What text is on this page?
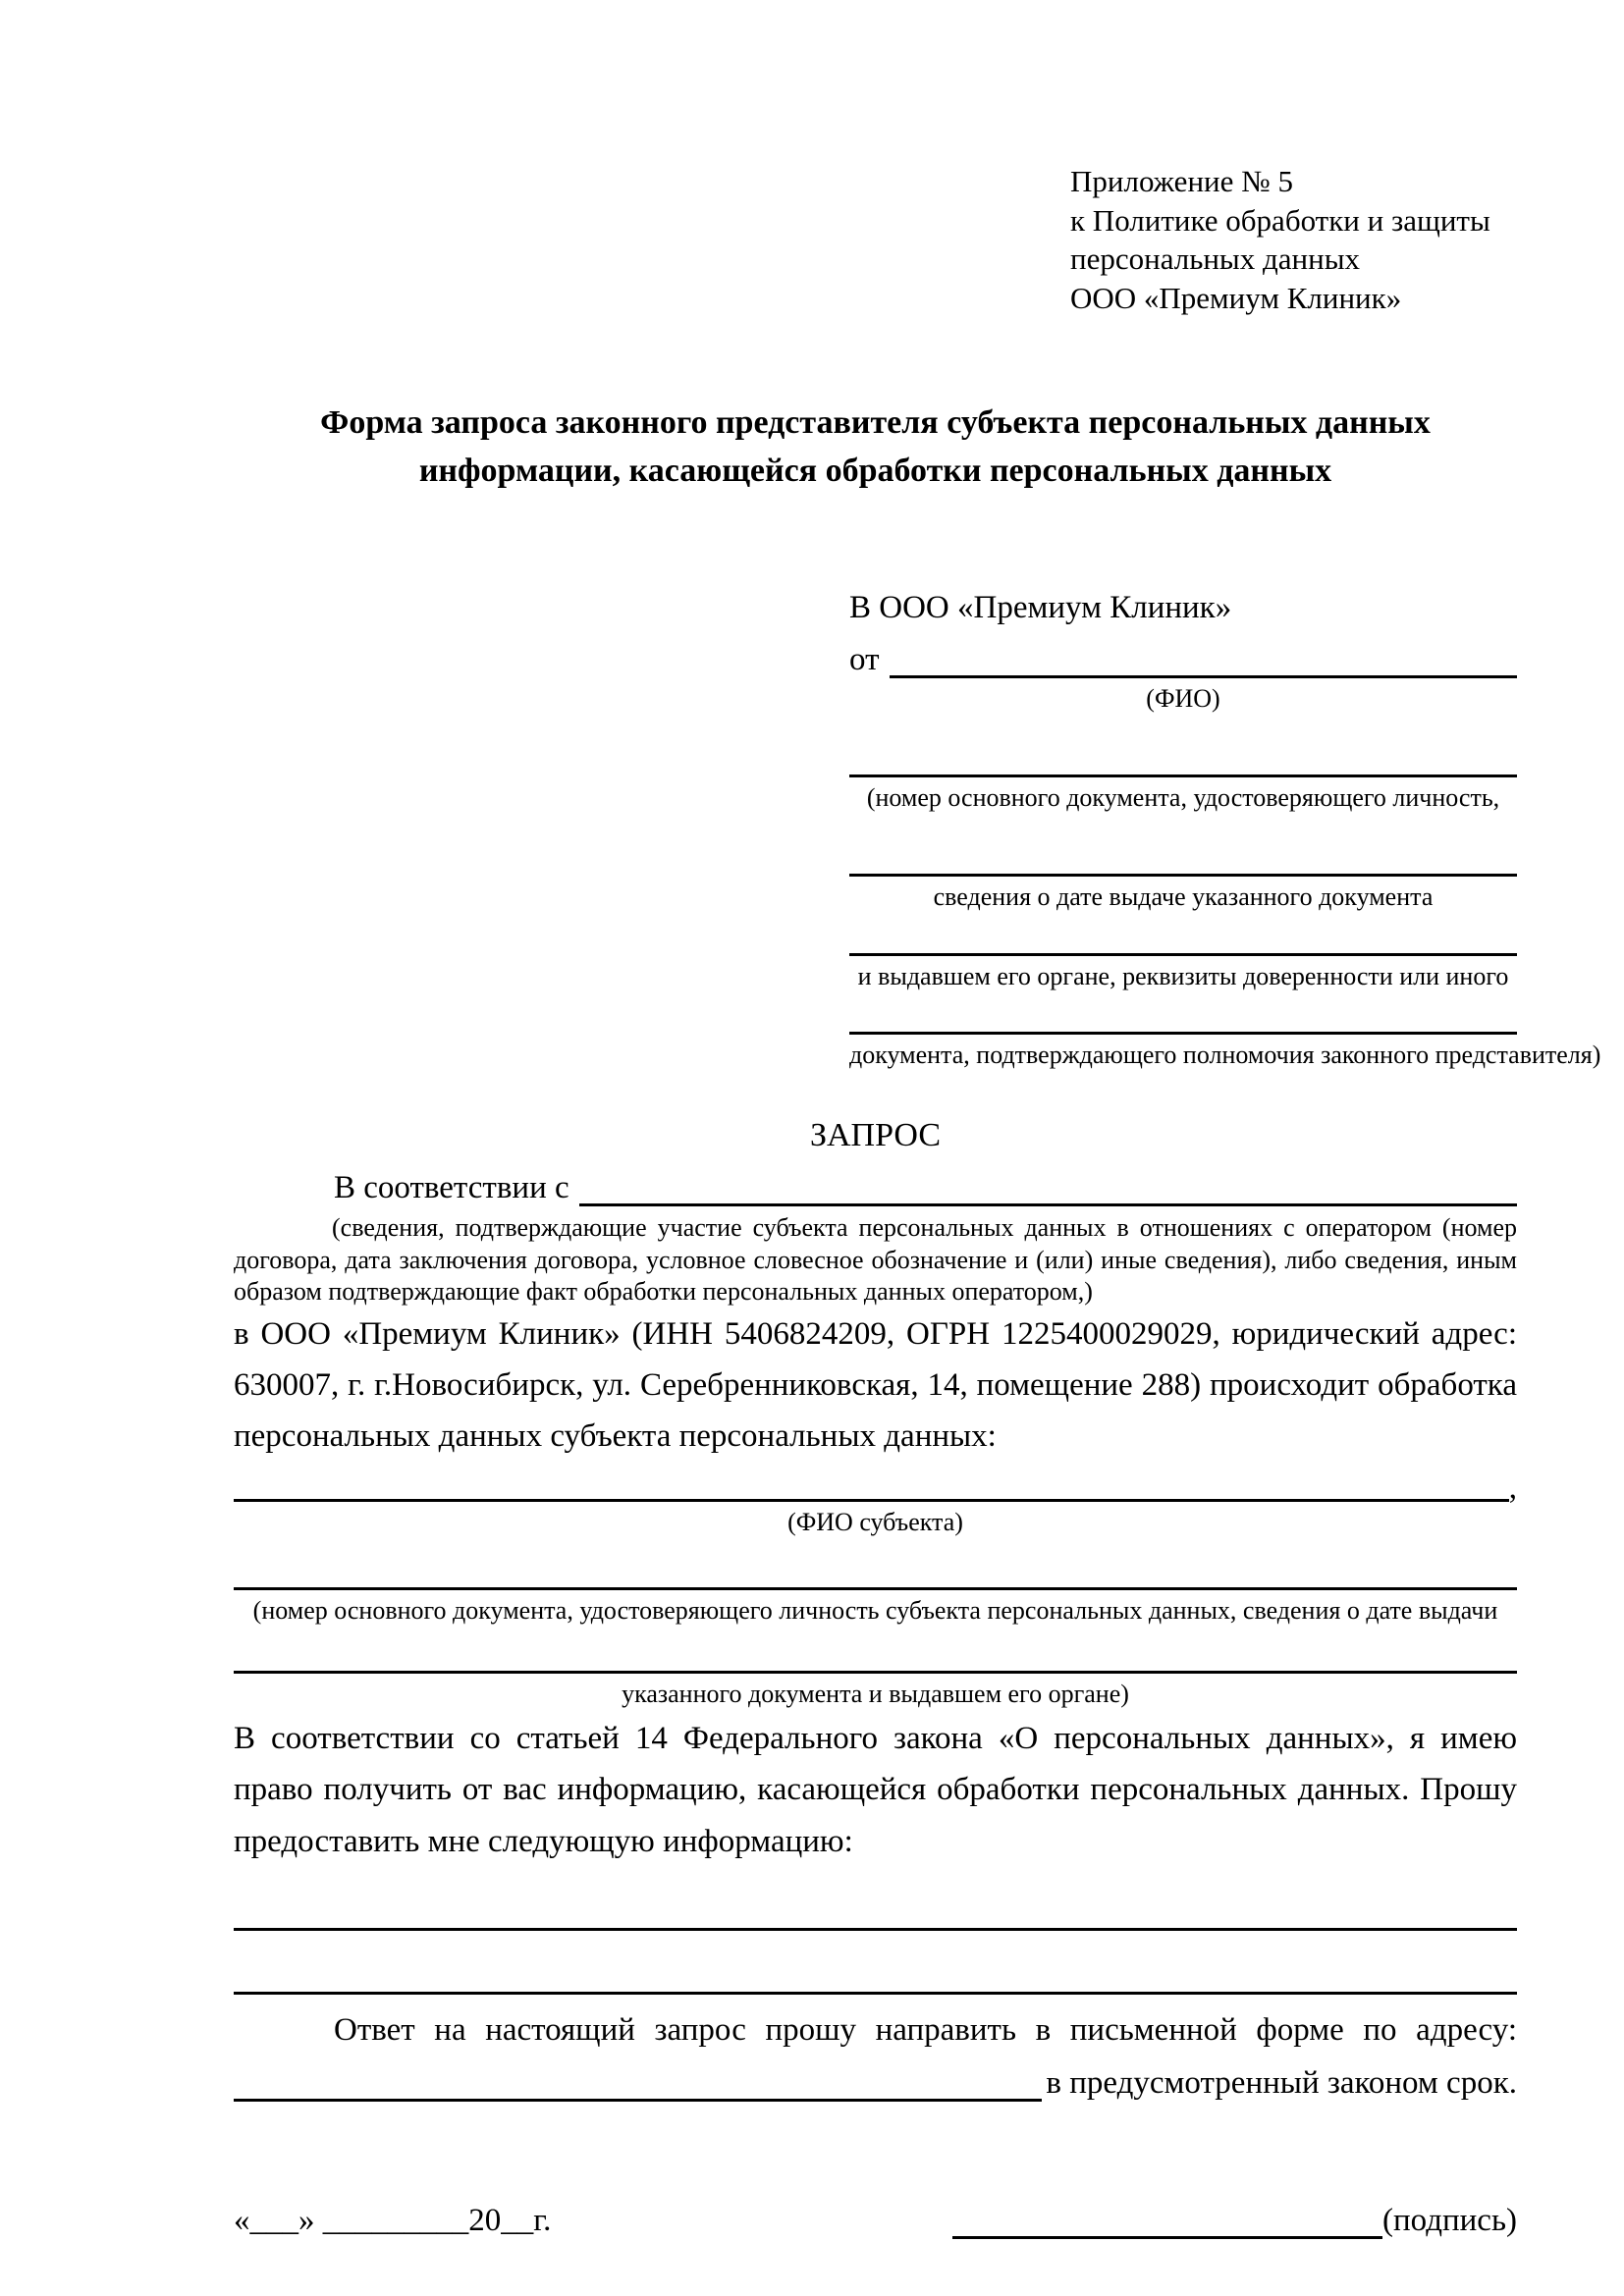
Приложение № 5
к Политике обработки и защиты
персональных данных
ООО «Премиум Клиник»
Форма запроса законного представителя субъекта персональных данных
информации, касающейся обработки персональных данных
В ООО «Премиум Клиник»
от
(ФИО)
(номер основного документа, удостоверяющего личность,
сведения о дате выдаче указанного документа
и выдавшем его органе, реквизиты доверенности или иного
документа, подтверждающего полномочия законного представителя)
ЗАПРОС
В соответствии с
(сведения, подтверждающие участие субъекта персональных данных в отношениях с оператором (номер договора, дата заключения договора, условное словесное обозначение и (или) иные сведения), либо сведения, иным образом подтверждающие факт обработки персональных данных оператором,)
в ООО «Премиум Клиник» (ИНН 5406824209, ОГРН 1225400029029, юридический адрес: 630007, г. г.Новосибирск, ул. Серебренниковская, 14, помещение 288) происходит обработка персональных данных субъекта персональных данных:
,
(ФИО субъекта)
(номер основного документа, удостоверяющего личность субъекта персональных данных, сведения о дате выдачи
указанного документа и выдавшем его органе)
В соответствии со статьей 14 Федерального закона «О персональных данных», я имею право получить от вас информацию, касающейся обработки персональных данных. Прошу предоставить мне следующую информацию:
Ответ на настоящий запрос прошу направить в письменной форме по адресу:
в предусмотренный законом срок.
«___» _________20__г.	(подпись)
